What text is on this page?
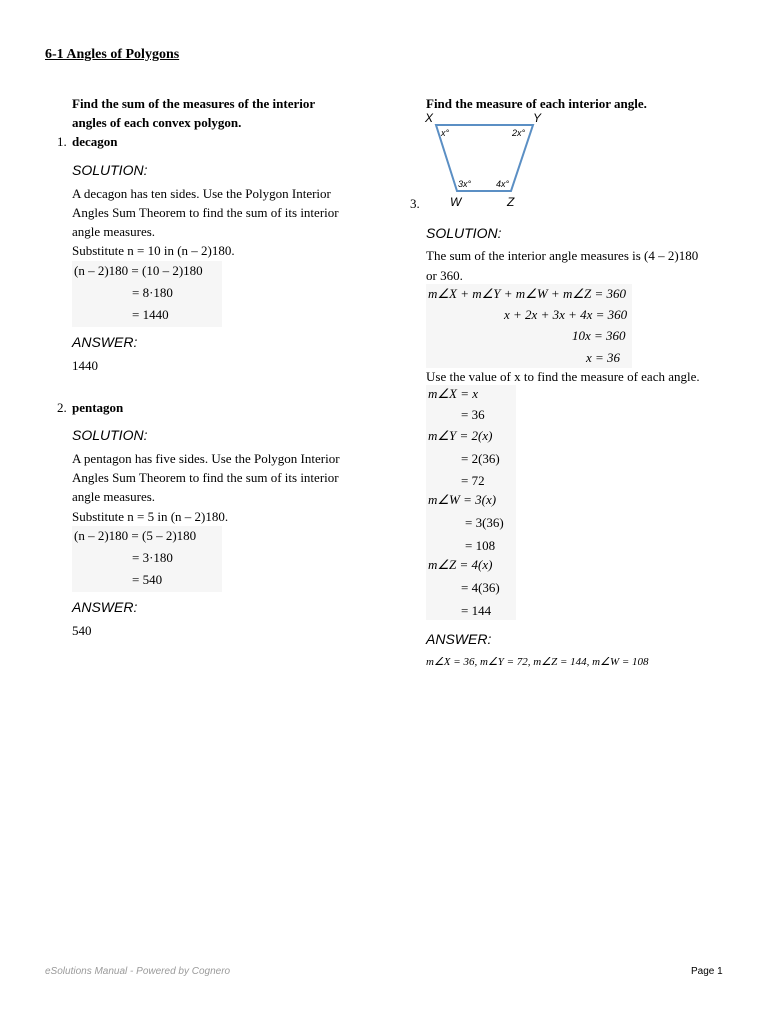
6-1 Angles of Polygons
Find the sum of the measures of the interior
angles of each convex polygon.
1. decagon
SOLUTION:
A decagon has ten sides. Use the Polygon Interior
Angles Sum Theorem to find the sum of its interior
angle measures.
Substitute n = 10 in (n – 2)180.
(n – 2)180 = (10 – 2)180
= 8·180
= 1440
ANSWER:
1440
2. pentagon
SOLUTION:
A pentagon has five sides. Use the Polygon Interior
Angles Sum Theorem to find the sum of its interior
angle measures.
Substitute n = 5 in (n – 2)180.
(n – 2)180 = (5 – 2)180
= 3·180
= 540
ANSWER:
540
Find the measure of each interior angle.
X	Y
W	Z
x°	2x°
3x°	4x°
3.
SOLUTION:
The sum of the interior angle measures is (4 – 2)180
or 360.
m∠X + m∠Y + m∠W + m∠Z = 360
x + 2x + 3x + 4x = 360
10x = 360
x = 36
Use the value of x to find the measure of each angle.
m∠X = x
= 36
m∠Y = 2(x)
= 2(36)
= 72
m∠W = 3(x)
= 3(36)
= 108
m∠Z = 4(x)
= 4(36)
= 144
ANSWER:
m∠X = 36, m∠Y = 72, m∠Z = 144, m∠W = 108
eSolutions Manual - Powered by Cognero	Page 1
